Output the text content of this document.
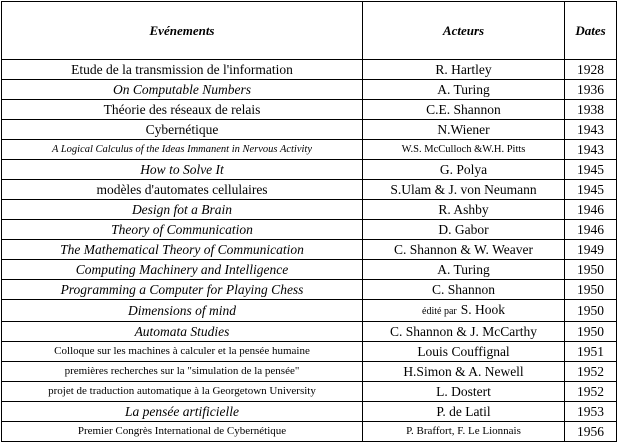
Evénements	Acteurs	Dates
Etude de la transmission de l'information	R. Hartley	1928
On Computable Numbers	A. Turing	1936
Théorie des réseaux de relais	C.E. Shannon	1938
Cybernétique	N.Wiener	1943
A Logical Calculus of the Ideas Immanent in Nervous Activity	W.S. McCulloch &W.H. Pitts	1943
How to Solve It	G. Polya	1945
modèles d'automates cellulaires	S.Ulam & J. von Neumann	1945
Design fot a Brain	R. Ashby	1946
Theory of Communication	D. Gabor	1946
The Mathematical Theory of Communication	C. Shannon & W. Weaver	1949
Computing Machinery and Intelligence	A. Turing	1950
Programming a Computer for Playing Chess	C. Shannon	1950
Dimensions of mind	édité par S. Hook	1950
Automata Studies	C. Shannon & J. McCarthy	1950
Colloque sur les machines à calculer et la pensée humaine	Louis Couffignal	1951
premières recherches sur la "simulation de la pensée"	H.Simon & A. Newell	1952
projet de traduction automatique à la Georgetown University	L. Dostert	1952
La pensée artificielle	P. de Latil	1953
Premier Congrès International de Cybernétique	P. Braffort, F. Le Lionnais	1956
